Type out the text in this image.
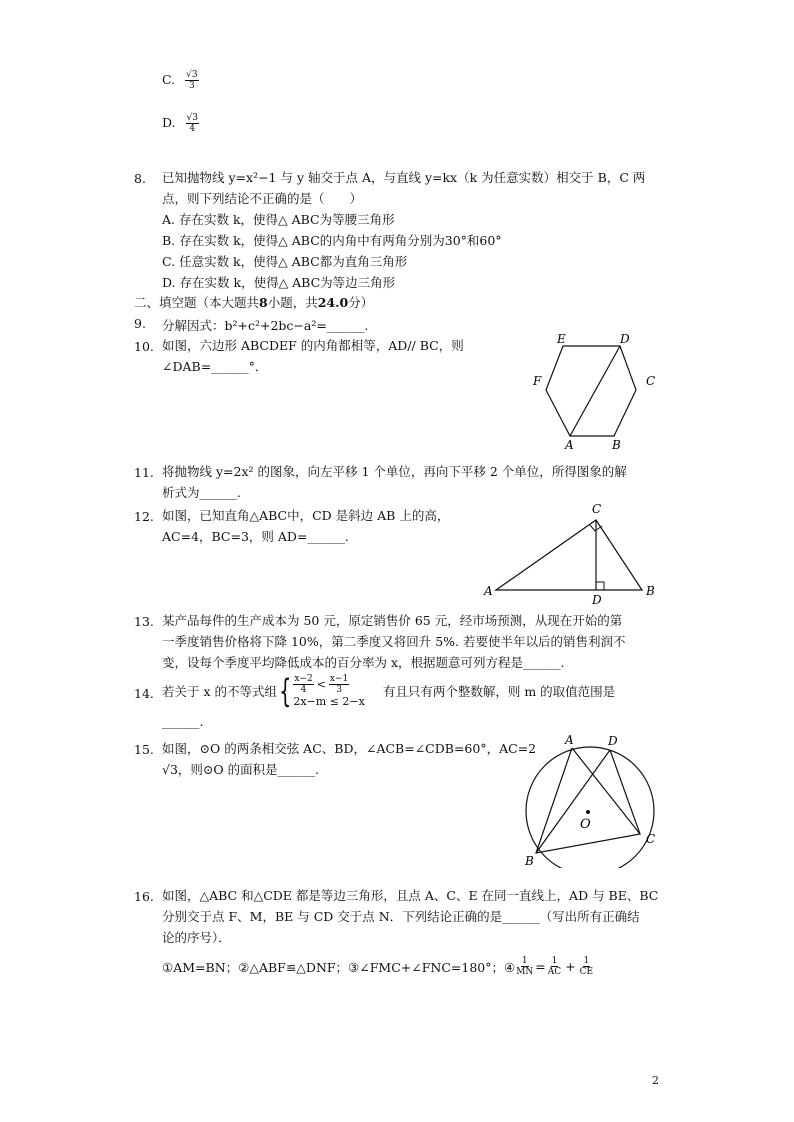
C. $\frac{√3}{3}$
D. $\frac{√3}{4}$
8. 已知抛物线 y=x²−1 与 y 轴交于点 A，与直线 y=kx（k 为任意实数）相交于 B，C 两
点，则下列结论不正确的是（　　）
A. 存在实数 k，使得△ ABC为等腰三角形
B. 存在实数 k，使得△ ABC的内角中有两角分别为30°和60°
C. 任意实数 k，使得△ ABC都为直角三角形
D. 存在实数 k，使得△ ABC为等边三角形
二、填空题（本大题共8小题，共24.0分）
9. 分解因式：b²+c²+2bc−a²=______.
10. 如图，六边形 ABCDEF 的内角都相等，AD// BC，则
∠DAB=______°．
E	D
F	C
A	B
11. 将抛物线 y=2x² 的图象，向左平移 1 个单位，再向下平移 2 个单位，所得图象的解
析式为______.
12. 如图，已知直角△ABC中，CD 是斜边 AB 上的高，
AC=4，BC=3，则 AD=______.
C
A	B
D
13. 某产品每件的生产成本为 50 元，原定销售价 65 元，经市场预测，从现在开始的第
一季度销售价格将下降 10%，第二季度又将回升 5%. 若要使半年以后的销售利润不
变，设每个季度平均降低成本的百分率为 x，根据题意可列方程是______.
14. 若关于 x 的不等式组 { $\frac{x-2}{4} < \frac{x-1}{3}$
2x−m ≤ 2−x
有且只有两个整数解，则 m 的取值范围是
______.
15. 如图，⊙O 的两条相交弦 AC、BD，∠ACB=∠CDB=60°，AC=2
√3，则⊙O 的面积是______.
A	D
O
C
B
16. 如图，△ABC 和△CDE 都是等边三角形，且点 A、C、E 在同一直线上，AD 与 BE、BC
分别交于点 F、M，BE 与 CD 交于点 N．下列结论正确的是______（写出所有正确结
论的序号）．
①AM=BN；②△ABF≌△DNF；③∠FMC+∠FNC=180°；④ $\frac{1}{MN} = \frac{1}{AC} + \frac{1}{CE}$
2
